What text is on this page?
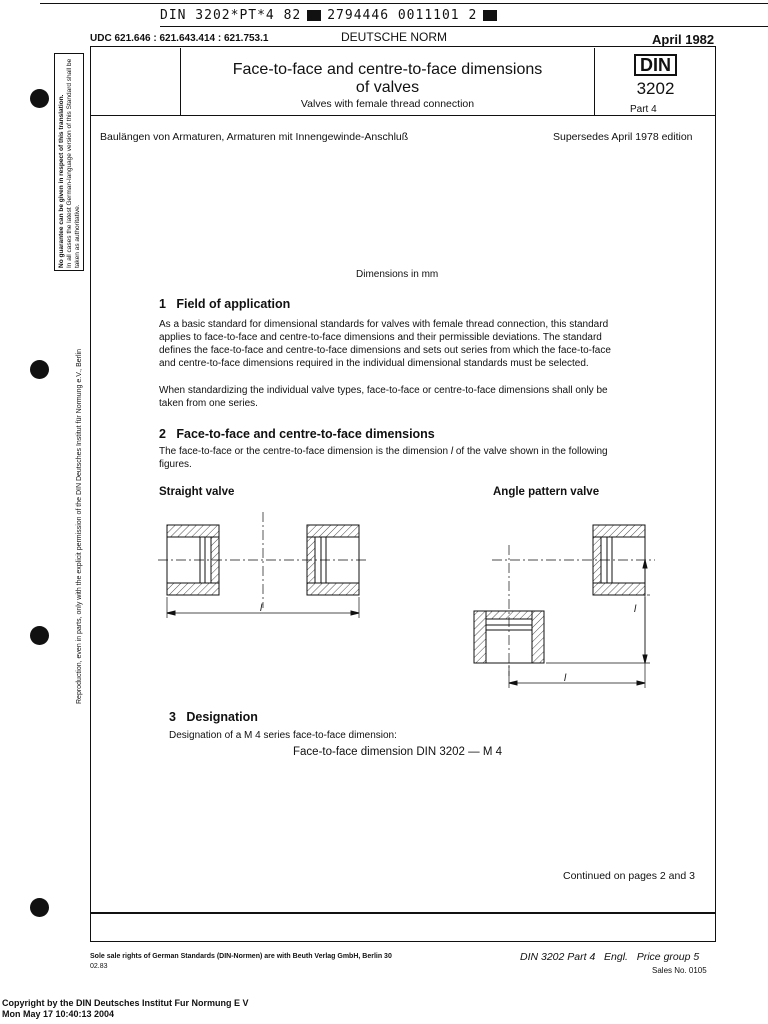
DIN 3202*PT*4 82 2794446 0011101 2
UDC 621.646 : 621.643.414 : 621.753.1	DEUTSCHE NORM	April 1982
Face-to-face and centre-to-face dimensions
of valves
Valves with female thread connection
DIN
3202
Part 4
Baulängen von Armaturen, Armaturen mit Innengewinde-Anschluß	Supersedes April 1978 edition
No guarantee can be given in respect of this translation. In all cases the latest German-language version of this Standard shall be taken as authoritative.
Reproduction, even in parts, only with the explicit permission of the DIN Deutsches Institut für Normung e.V., Berlin
Dimensions in mm
1   Field of application
As a basic standard for dimensional standards for valves with female thread connection, this standard applies to face-to-face and centre-to-face dimensions and their permissible deviations. The standard defines the face-to-face and centre-to-face dimensions and sets out series from which the face-to-face and centre-to-face dimensions required in the individual dimensional standards must be selected.
When standardizing the individual valve types, face-to-face or centre-to-face dimensions shall only be taken from one series.
2   Face-to-face and centre-to-face dimensions
The face-to-face or the centre-to-face dimension is the dimension l of the valve shown in the following figures.
Straight valve	Angle pattern valve
l	l
l
3   Designation
Designation of a M 4 series face-to-face dimension:
Face-to-face dimension DIN 3202 — M 4
Continued on pages 2 and 3
Sole sale rights of German Standards (DIN-Normen) are with Beuth Verlag GmbH, Berlin 30
02.83
DIN 3202 Part 4   Engl.   Price group 5
Sales No. 0105
Copyright by the DIN Deutsches Institut Fur Normung E V
Mon May 17 10:40:13 2004
